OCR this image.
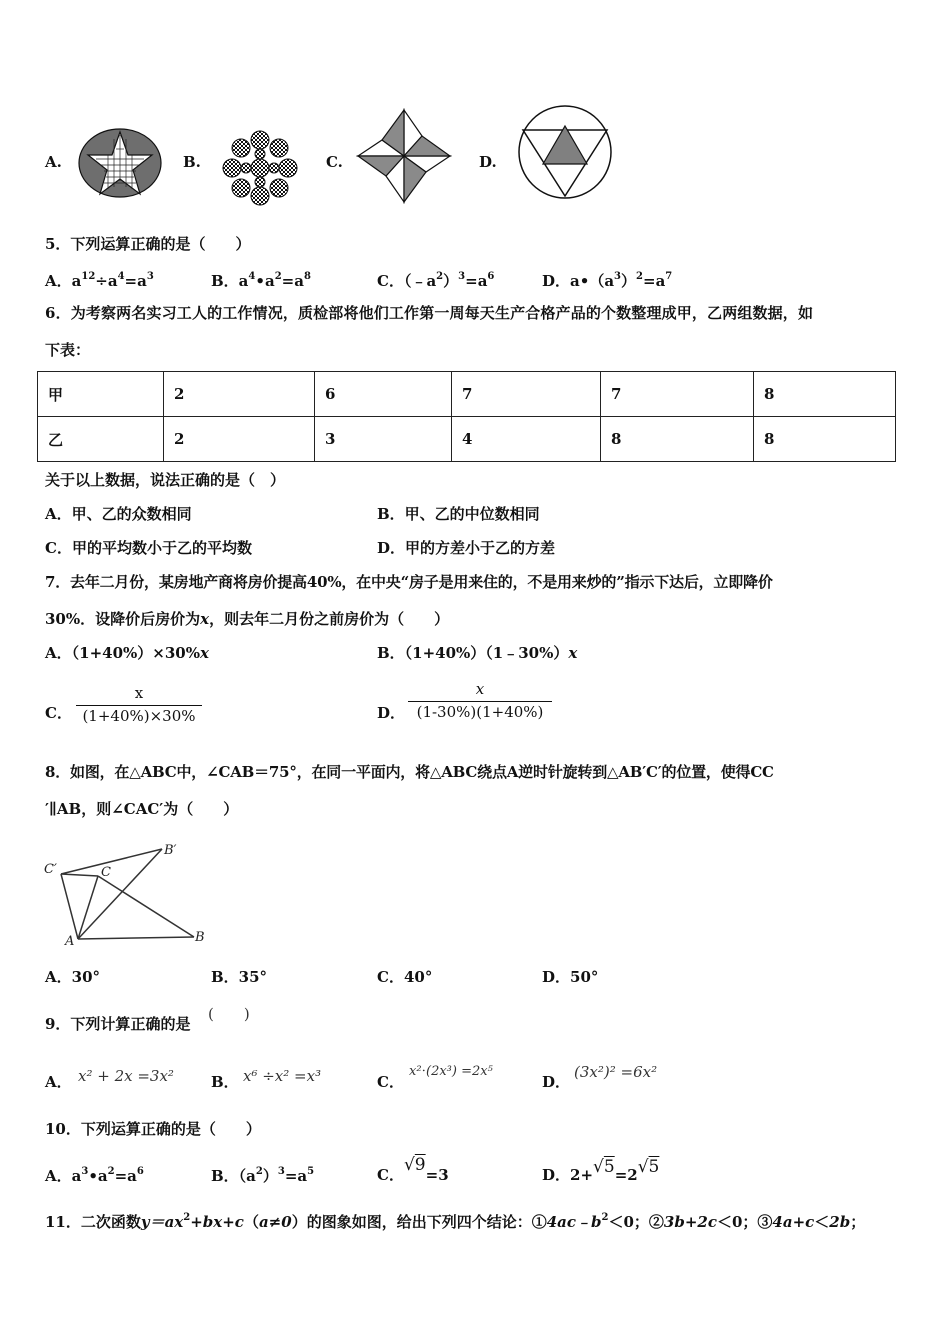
A.	B.	C.	D.
5．下列运算正确的是（　　）
A．$a^{12}\div a^4=a^3$	B．$a^4•a^2=a^8$	C．$(﹣a^2)^3=a^6$	D．$a•(a^3)^2=a^7$
6．为考察两名实习工人的工作情况，质检部将他们工作第一周每天生产合格产品的个数整理成甲，乙两组数据，如
下表：
甲	2	6	7	7	8
乙	2	3	4	8	8
关于以上数据，说法正确的是（　）
A．甲、乙的众数相同	B．甲、乙的中位数相同
C．甲的平均数小于乙的平均数	D．甲的方差小于乙的方差
7．去年二月份，某房地产商将房价提高40%，在中央“房子是用来住的，不是用来炒的”指示下达后，立即降价
30%．设降价后房价为x，则去年二月份之前房价为（　　）
A．（1+40%）×30%x	B．（1+40%）（1﹣30%）x
C． $\frac{x}{(1+40\%)\times 30\%}$	D． $\frac{x}{(1-30\%)(1+40\%)}$
8．如图，在△ABC中，∠CAB＝75°，在同一平面内，将△ABC绕点A逆时针旋转到△AB′C′的位置，使得CC
′∥AB，则∠CAC′为（　　）
C′	C
B′
A	B
A．30°	B．35°	C．40°	D．50°
9．下列计算正确的是
(　　)
A． x² + 2x =3x² B． x⁶ ÷x² =x³	C．
x²⋅(2x³) =2x⁵
D．
(3x²)² =6x²
10．下列运算正确的是（　　）
A．$a^3•a^2=a^6$	B．$(a^2)^3=a^5$	C．√9=3	D．2+√5=2√5
11．二次函数$y=ax^2+bx+c(a\ne 0)$的图象如图，给出下列四个结论：$①4ac﹣b^2<0$；②3b+2c＜0；③4a+c＜2b；
